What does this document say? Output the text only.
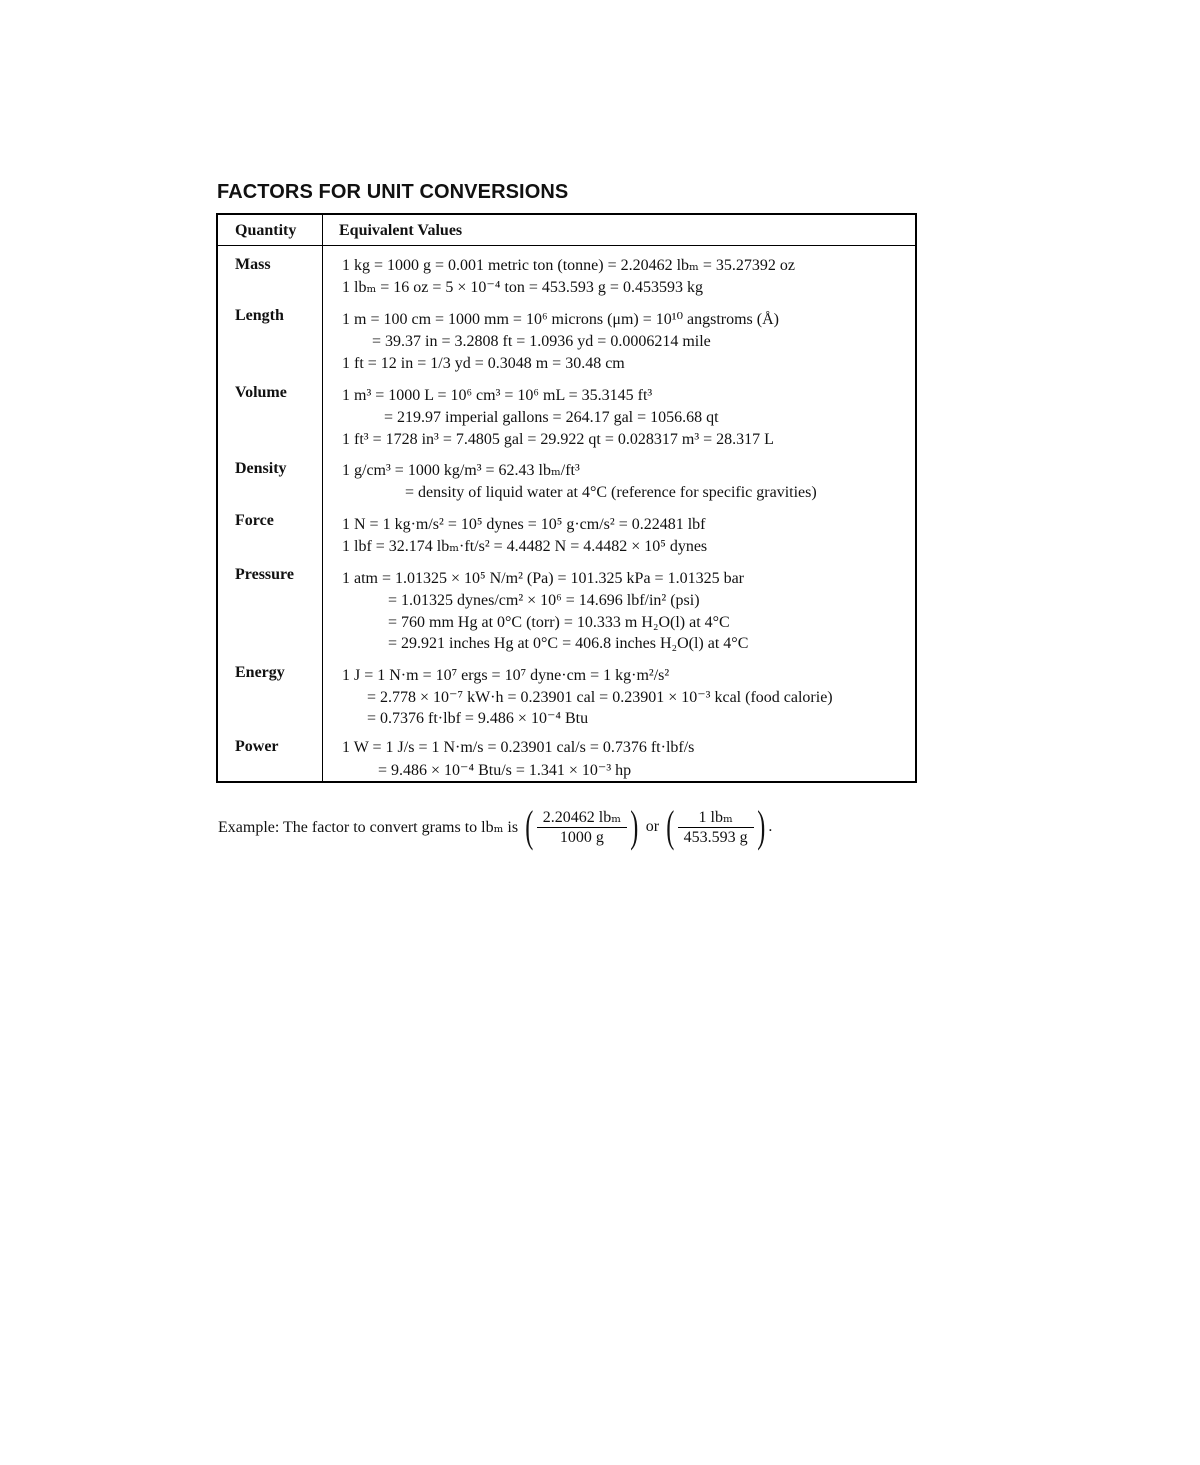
FACTORS FOR UNIT CONVERSIONS
Quantity	Equivalent Values
Mass	1 kg = 1000 g = 0.001 metric ton (tonne) = 2.20462 lbₘ = 35.27392 oz
1 lbₘ = 16 oz = 5 × 10⁻⁴ ton = 453.593 g = 0.453593 kg
Length	1 m = 100 cm = 1000 mm = 10⁶ microns (μm) = 10¹⁰ angstroms (Å)
= 39.37 in = 3.2808 ft = 1.0936 yd = 0.0006214 mile
1 ft = 12 in = 1/3 yd = 0.3048 m = 30.48 cm
Volume	1 m³ = 1000 L = 10⁶ cm³ = 10⁶ mL = 35.3145 ft³
= 219.97 imperial gallons = 264.17 gal = 1056.68 qt
1 ft³ = 1728 in³ = 7.4805 gal = 29.922 qt = 0.028317 m³ = 28.317 L
Density	1 g/cm³ = 1000 kg/m³ = 62.43 lbₘ/ft³
= density of liquid water at 4°C (reference for specific gravities)
Force	1 N = 1 kg·m/s² = 10⁵ dynes = 10⁵ g·cm/s² = 0.22481 lbf
1 lbf = 32.174 lbₘ·ft/s² = 4.4482 N = 4.4482 × 10⁵ dynes
Pressure	1 atm = 1.01325 × 10⁵ N/m² (Pa) = 101.325 kPa = 1.01325 bar
= 1.01325 dynes/cm² × 10⁶ = 14.696 lbf/in² (psi)
= 760 mm Hg at 0°C (torr) = 10.333 m H₂O(l) at 4°C
= 29.921 inches Hg at 0°C = 406.8 inches H₂O(l) at 4°C
Energy	1 J = 1 N·m = 10⁷ ergs = 10⁷ dyne·cm = 1 kg·m²/s²
= 2.778 × 10⁻⁷ kW·h = 0.23901 cal = 0.23901 × 10⁻³ kcal (food calorie)
= 0.7376 ft·lbf = 9.486 × 10⁻⁴ Btu
Power	1 W = 1 J/s = 1 N·m/s = 0.23901 cal/s = 0.7376 ft·lbf/s
= 9.486 × 10⁻⁴ Btu/s = 1.341 × 10⁻³ hp
Example: The factor to convert grams to lbₘ is ( $\frac{\text{2.20462 lbₘ}}{1000 g}$ ) or ( $\frac{\text{1 lbₘ}}{453.593 g}$ ) .
